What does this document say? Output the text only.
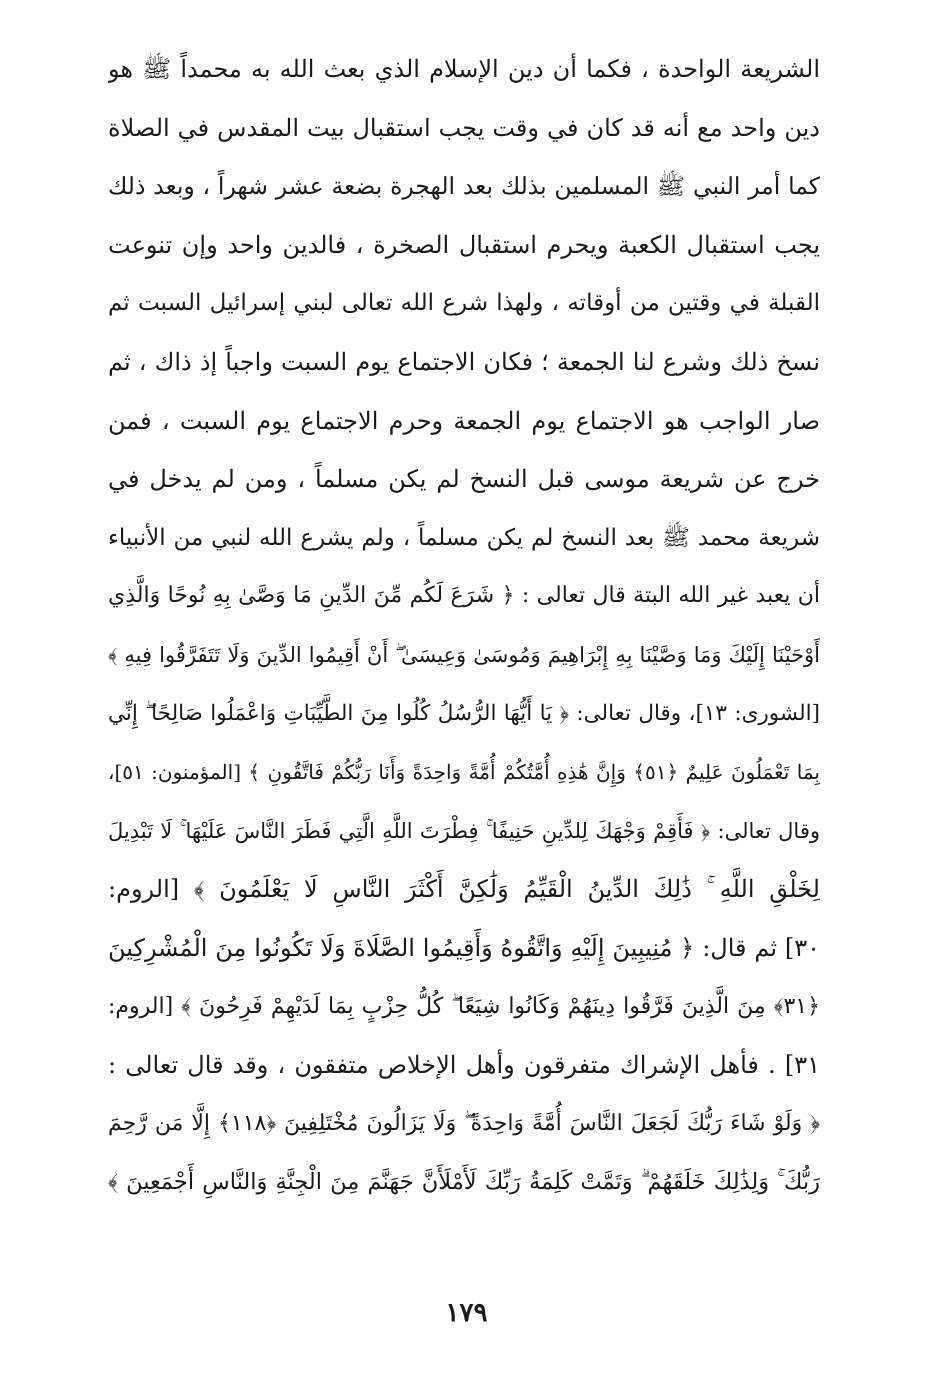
الشريعة الواحدة ، فكما أن دين الإسلام الذي بعث الله به محمداً ﷺ هو
دين واحد مع أنه قد كان في وقت يجب استقبال بيت المقدس في الصلاة
كما أمر النبي ﷺ المسلمين بذلك بعد الهجرة بضعة عشر شهراً ، وبعد ذلك
يجب استقبال الكعبة ويحرم استقبال الصخرة ، فالدين واحد وإن تنوعت
القبلة في وقتين من أوقاته ، ولهذا شرع الله تعالى لبني إسرائيل السبت ثم
نسخ ذلك وشرع لنا الجمعة ؛ فكان الاجتماع يوم السبت واجباً إذ ذاك ، ثم
صار الواجب هو الاجتماع يوم الجمعة وحرم الاجتماع يوم السبت ، فمن
خرج عن شريعة موسى قبل النسخ لم يكن مسلماً ، ومن لم يدخل في
شريعة محمد ﷺ بعد النسخ لم يكن مسلماً ، ولم يشرع الله لنبي من الأنبياء
أن يعبد غير الله البتة قال تعالى : ﴿ شَرَعَ لَكُم مِّنَ الدِّينِ مَا وَصَّىٰ بِهِ نُوحًا وَالَّذِي
أَوْحَيْنَا إِلَيْكَ وَمَا وَصَّيْنَا بِهِ إِبْرَاهِيمَ وَمُوسَىٰ وَعِيسَىٰ ۖ أَنْ أَقِيمُوا الدِّينَ وَلَا تَتَفَرَّقُوا فِيهِ ﴾
[الشورى: ١٣]، وقال تعالى: ﴿ يَا أَيُّهَا الرُّسُلُ كُلُوا مِنَ الطَّيِّبَاتِ وَاعْمَلُوا صَالِحًا ۖ إِنِّي
بِمَا تَعْمَلُونَ عَلِيمٌ ﴿٥١﴾ وَإِنَّ هَٰذِهِ أُمَّتُكُمْ أُمَّةً وَاحِدَةً وَأَنَا رَبُّكُمْ فَاتَّقُونِ ﴾ [المؤمنون: ٥١]،
وقال تعالى: ﴿ فَأَقِمْ وَجْهَكَ لِلدِّينِ حَنِيفًا ۚ فِطْرَتَ اللَّهِ الَّتِي فَطَرَ النَّاسَ عَلَيْهَا ۚ لَا تَبْدِيلَ
لِخَلْقِ اللَّهِ ۚ ذَٰلِكَ الدِّينُ الْقَيِّمُ وَلَٰكِنَّ أَكْثَرَ النَّاسِ لَا يَعْلَمُونَ ﴾ [الروم:
٣٠] ثم قال: ﴿ مُنِيبِينَ إِلَيْهِ وَاتَّقُوهُ وَأَقِيمُوا الصَّلَاةَ وَلَا تَكُونُوا مِنَ الْمُشْرِكِينَ
﴿٣١﴾ مِنَ الَّذِينَ فَرَّقُوا دِينَهُمْ وَكَانُوا شِيَعًا ۖ كُلُّ حِزْبٍ بِمَا لَدَيْهِمْ فَرِحُونَ ﴾ [الروم:
٣١] . فأهل الإشراك متفرقون وأهل الإخلاص متفقون ، وقد قال تعالى :
﴿ وَلَوْ شَاءَ رَبُّكَ لَجَعَلَ النَّاسَ أُمَّةً وَاحِدَةً ۖ وَلَا يَزَالُونَ مُخْتَلِفِينَ ﴿١١٨﴾ إِلَّا مَن رَّحِمَ
رَبُّكَ ۚ وَلِذَٰلِكَ خَلَقَهُمْ ۗ وَتَمَّتْ كَلِمَةُ رَبِّكَ لَأَمْلَأَنَّ جَهَنَّمَ مِنَ الْجِنَّةِ وَالنَّاسِ أَجْمَعِينَ ﴾
١٧٩
